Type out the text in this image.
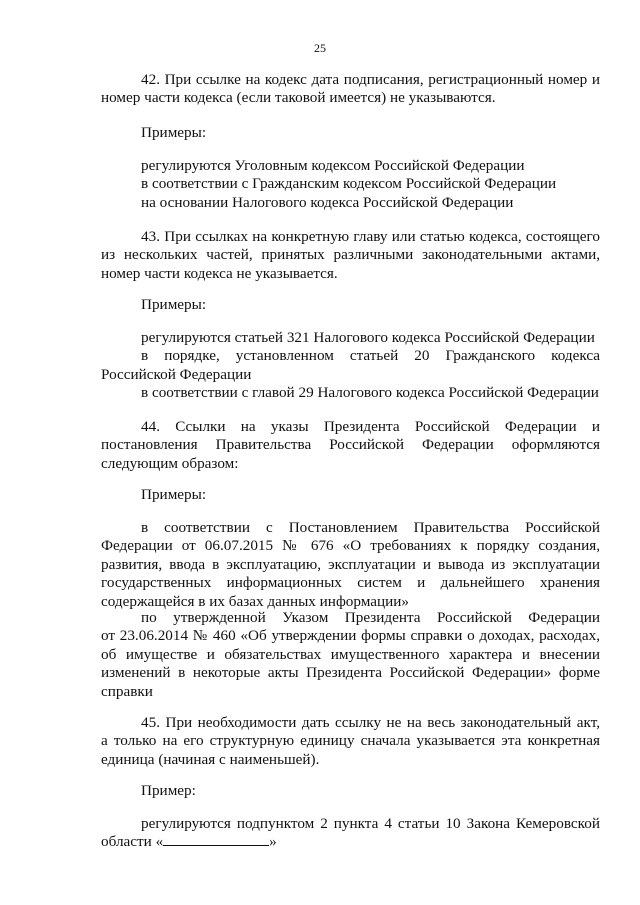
25

42. При ссылке на кодекс дата подписания, регистрационный номер и

номер части кодекса (если таковой имеется) не указываются.

Примеры:

регулируются Уголовным кодексом Российской Федерации

в соответствии с Гражданским кодексом Российской Федерации

на основании Налогового кодекса Российской Федерации

43. При ссылках на конкретную главу или статью кодекса, состоящего

из нескольких частей, принятых различными законодательными актами,

номер части кодекса не указывается.

Примеры:

регулируются статьей 321 Налогового кодекса Российской Федерации

в порядке, установленном статьей 20 Гражданского кодекса

Российской Федерации

в соответствии с главой 29 Налогового кодекса Российской Федерации

44. Ссылки на указы Президента Российской Федерации и

постановления Правительства Российской Федерации оформляются

следующим образом:

Примеры:

в соответствии с Постановлением Правительства Российской

Федерации от 06.07.2015 № 676 «О требованиях к порядку создания,

развития, ввода в эксплуатацию, эксплуатации и вывода из эксплуатации

государственных информационных систем и дальнейшего хранения

содержащейся в их базах данных информации»

по утвержденной Указом Президента Российской Федерации

от 23.06.2014 № 460 «Об утверждении формы справки о доходах, расходах,

об имуществе и обязательствах имущественного характера и внесении

изменений в некоторые акты Президента Российской Федерации» форме

справки

45. При необходимости дать ссылку не на весь законодательный акт,

а только на его структурную единицу сначала указывается эта конкретная

единица (начиная с наименьшей).

Пример:

регулируются подпунктом 2 пункта 4 статьи 10 Закона Кемеровской

области «	»
